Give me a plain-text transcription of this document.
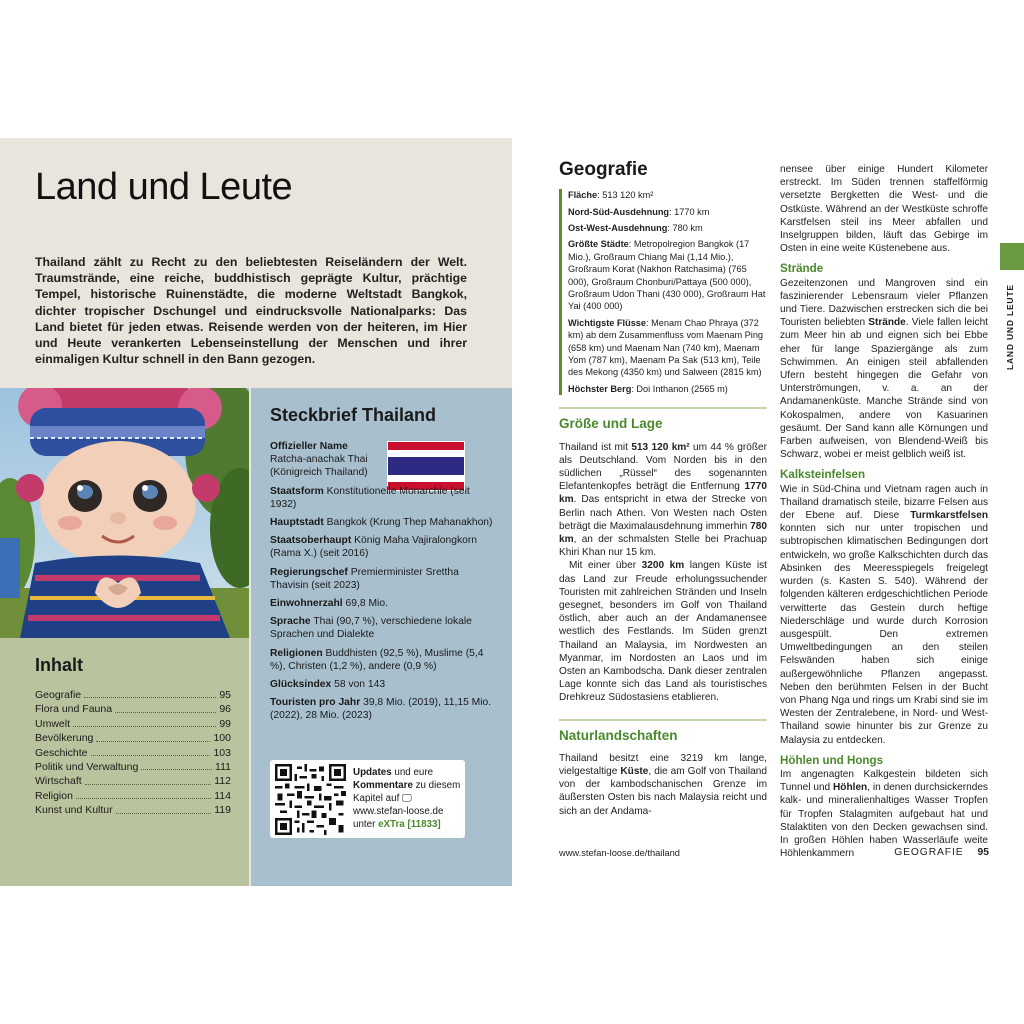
Land und Leute

Thailand zählt zu Recht zu den beliebtesten Reiseländern der Welt. Traumstrände, eine reiche, buddhistisch geprägte Kultur, prächtige Tempel, historische Ruinenstädte, die moderne Weltstadt Bangkok, dichter tropischer Dschungel und eindrucksvolle Nationalparks: Das Land bietet für jeden etwas. Reisende werden von der heiteren, im Hier und Heute verankerten Lebenseinstellung der Menschen und ihrer einmaligen Kultur schnell in den Bann gezogen.

Inhalt
Geografie	95
Flora und Fauna	96
Umwelt	99
Bevölkerung	100
Geschichte	103
Politik und Verwaltung	111
Wirtschaft	112
Religion	114
Kunst und Kultur	119
Steckbrief Thailand
Offizieller Name
Ratcha-anachak Thai (Königreich Thailand)
Staatsform Konstitutionelle Monarchie (seit 1932)
Hauptstadt Bangkok (Krung Thep Mahanakhon)
Staatsoberhaupt König Maha Vajiralongkorn (Rama X.) (seit 2016)
Regierungschef Premierminister Srettha Thavisin (seit 2023)
Einwohnerzahl 69,8 Mio.
Sprache Thai (90,7 %), verschiedene lokale Sprachen und Dialekte
Religionen Buddhisten (92,5 %), Muslime (5,4 %), Christen (1,2 %), andere (0,9 %)
Glücksindex 58 von 143
Touristen pro Jahr 39,8 Mio. (2019), 11,15 Mio. (2022), 28 Mio. (2023)
Updates und eure Kommentare zu diesem Kapitel auf 🖵 www.stefan-loose.de unter eXTra [11833]
Geografie
Fläche: 513 120 km²
Nord-Süd-Ausdehnung: 1770 km
Ost-West-Ausdehnung: 780 km
Größte Städte: Metropolregion Bangkok (17 Mio.), Großraum Chiang Mai (1,14 Mio.), Großraum Korat (Nakhon Ratchasima) (765 000), Großraum Chonburi/Pattaya (500 000), Großraum Udon Thani (430 000), Großraum Hat Yai (400 000)
Wichtigste Flüsse: Menam Chao Phraya (372 km) ab dem Zusammenfluss vom Maenam Ping (658 km) und Maenam Nan (740 km), Maenam Yom (787 km), Maenam Pa Sak (513 km), Teile des Mekong (4350 km) und Salween (2815 km)
Höchster Berg: Doi Inthanon (2565 m)
Größe und Lage

Thailand ist mit 513 120 km² um 44 % größer als Deutschland. Vom Norden bis in den südlichen „Rüssel“ des sogenannten Elefantenkopfes beträgt die Entfernung 1770 km. Das entspricht in etwa der Strecke von Berlin nach Athen. Von Westen nach Osten beträgt die Maximalausdehnung immerhin 780 km, an der schmalsten Stelle bei Prachuap Khiri Khan nur 15 km.

Mit einer über 3200 km langen Küste ist das Land zur Freude erholungssuchender Touristen mit zahlreichen Stränden und Inseln gesegnet, besonders im Golf von Thailand östlich, aber auch an der Andamanensee westlich des Festlands. Im Süden grenzt Thailand an Malaysia, im Nordwesten an Myanmar, im Nordosten an Laos und im Osten an Kambodscha. Dank dieser zentralen Lage konnte sich das Land als touristisches Drehkreuz Südostasiens etablieren.

Naturlandschaften

Thailand besitzt eine 3219 km lange, vielgestaltige Küste, die am Golf von Thailand von der kambodschanischen Grenze im äußersten Osten bis nach Malaysia reicht und sich an der Andama-

nensee über einige Hundert Kilometer erstreckt. Im Süden trennen staffelförmig versetzte Bergketten die West- und die Ostküste. Während an der Westküste schroffe Karstfelsen steil ins Meer abfallen und Inselgruppen bilden, läuft das Gebirge im Osten in eine weite Küstenebene aus.

Strände

Gezeitenzonen und Mangroven sind ein faszinierender Lebensraum vieler Pflanzen und Tiere. Dazwischen erstrecken sich die bei Touristen beliebten Strände. Viele fallen leicht zum Meer hin ab und eignen sich bei Ebbe eher für lange Spaziergänge als zum Schwimmen. An einigen steil abfallenden Ufern besteht hingegen die Gefahr von Unterströmungen, v. a. an der Andamanenküste. Manche Strände sind von Kokospalmen, andere von Kasuarinen gesäumt. Der Sand kann alle Körnungen und Farben aufweisen, von Blendend-Weiß bis Schwarz, wobei er meist gelblich weiß ist.

Kalksteinfelsen

Wie in Süd-China und Vietnam ragen auch in Thailand dramatisch steile, bizarre Felsen aus der Ebene auf. Diese Turmkarstfelsen konnten sich nur unter tropischen und subtropischen klimatischen Bedingungen dort entwickeln, wo große Kalkschichten durch das Absinken des Meeresspiegels freigelegt wurden (s. Kasten S. 540). Während der folgenden kälteren erdgeschichtlichen Periode verwitterte das Gestein durch heftige Niederschläge und wurde durch Korrosion ausgespült. Den extremen Umweltbedingungen an den steilen Felswänden haben sich einige außergewöhnliche Pflanzen angepasst. Neben den berühmten Felsen in der Bucht von Phang Nga und rings um Krabi sind sie im Westen der Zentralebene, in Nord- und West-Thailand sowie hinunter bis zur Grenze zu Malaysia zu entdecken.

Höhlen und Hongs

Im angenagten Kalkgestein bildeten sich Tunnel und Höhlen, in denen durchsickerndes kalk- und mineralienhaltiges Wasser Tropfen für Tropfen Stalagmiten aufgebaut hat und Stalaktiten von den Decken gewachsen sind. In großen Höhlen haben Wasserläufe weite Höhlenkammern

www.stefan-loose.de/thailand	GEOGRAFIE 95
LAND UND LEUTE
